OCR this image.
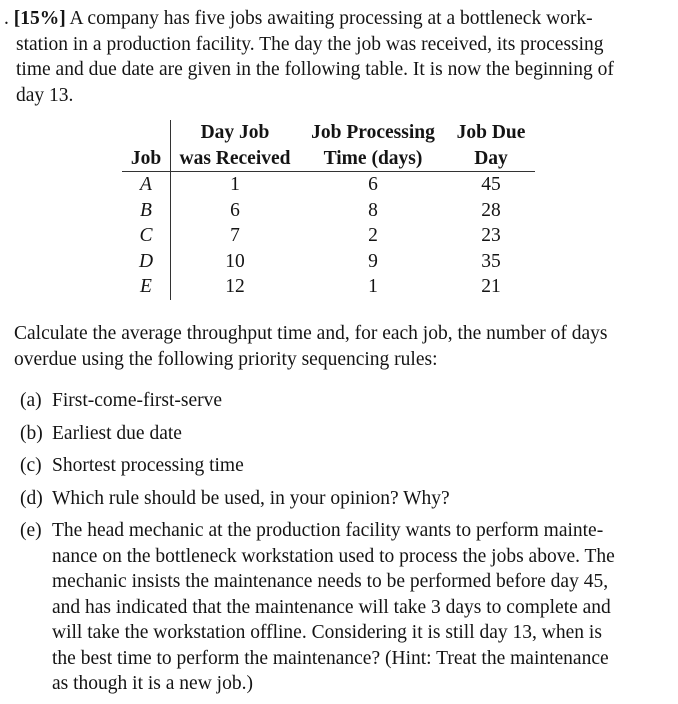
. [15%] A company has five jobs awaiting processing at a bottleneck work-
station in a production facility. The day the job was received, its processing
time and due date are given in the following table. It is now the beginning of
day 13.
	Day Job	Job Processing	Job Due
Job	was Received	Time (days)	Day
A	1	6	45
B	6	8	28
C	7	2	23
D	10	9	35
E	12	1	21
Calculate the average throughput time and, for each job, the number of days
overdue using the following priority sequencing rules:
(a) First-come-first-serve
(b) Earliest due date
(c) Shortest processing time
(d) Which rule should be used, in your opinion? Why?
(e) The head mechanic at the production facility wants to perform mainte-
nance on the bottleneck workstation used to process the jobs above. The
mechanic insists the maintenance needs to be performed before day 45,
and has indicated that the maintenance will take 3 days to complete and
will take the workstation offline. Considering it is still day 13, when is
the best time to perform the maintenance? (Hint: Treat the maintenance
as though it is a new job.)
